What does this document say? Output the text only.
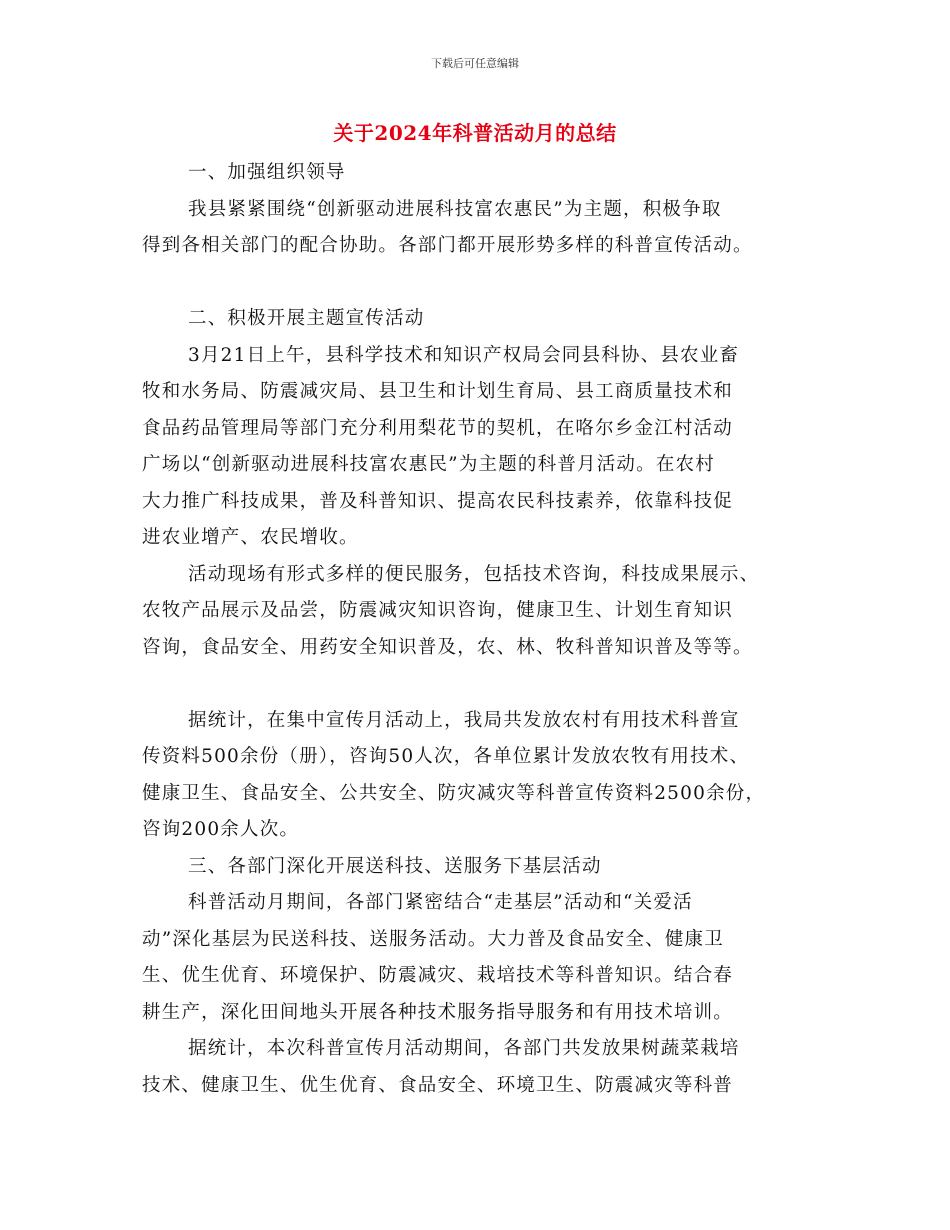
下载后可任意编辑
关于2024年科普活动月的总结
一、加强组织领导
我县紧紧围绕“创新驱动进展科技富农惠民”为主题，积极争取
得到各相关部门的配合协助。各部门都开展形势多样的科普宣传活动。
二、积极开展主题宣传活动
3月21日上午，县科学技术和知识产权局会同县科协、县农业畜
牧和水务局、防震减灾局、县卫生和计划生育局、县工商质量技术和
食品药品管理局等部门充分利用梨花节的契机，在咯尔乡金江村活动
广场以“创新驱动进展科技富农惠民”为主题的科普月活动。在农村
大力推广科技成果，普及科普知识、提高农民科技素养，依靠科技促
进农业增产、农民增收。
活动现场有形式多样的便民服务，包括技术咨询，科技成果展示、
农牧产品展示及品尝，防震减灾知识咨询，健康卫生、计划生育知识
咨询，食品安全、用药安全知识普及，农、林、牧科普知识普及等等。
据统计，在集中宣传月活动上，我局共发放农村有用技术科普宣
传资料500余份（册），咨询50人次，各单位累计发放农牧有用技术、
健康卫生、食品安全、公共安全、防灾减灾等科普宣传资料2500余份，
咨询200余人次。
三、各部门深化开展送科技、送服务下基层活动
科普活动月期间，各部门紧密结合“走基层”活动和“关爱活
动”深化基层为民送科技、送服务活动。大力普及食品安全、健康卫
生、优生优育、环境保护、防震减灾、栽培技术等科普知识。结合春
耕生产，深化田间地头开展各种技术服务指导服务和有用技术培训。
据统计，本次科普宣传月活动期间，各部门共发放果树蔬菜栽培
技术、健康卫生、优生优育、食品安全、环境卫生、防震减灾等科普
